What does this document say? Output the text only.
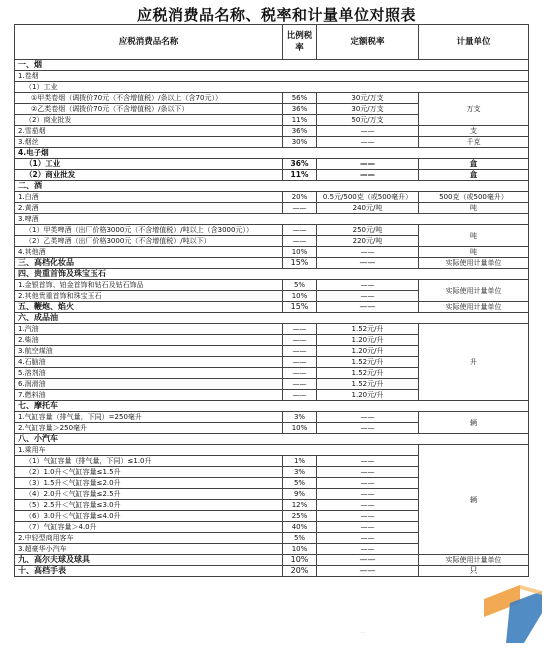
应税消费品名称、税率和计量单位对照表
应税消费品名称	比例税率	定额税率	计量单位
一、烟			
1.卷烟			
（1）工业			
①甲类卷烟（调拨价70元（不含增值税）/条以上（含70元））	56%	30元/万支	万支
②乙类卷烟（调拨价70元（不含增值税）/条以下）	36%	30元/万支	
（2）商业批发	11%	50元/万支	
2.雪茄烟	36%	——	支
3.烟丝	30%	——	千克
4.电子烟			
（1）工业	36%	——	盒
（2）商业批发	11%	——	盒
二、酒			
1.白酒	20%	0.5元/500克（或500毫升）	500克（或500毫升）
2.黄酒	——	240元/吨	吨
3.啤酒			
（1）甲类啤酒（出厂价格3000元（不含增值税）/吨以上（含3000元））	——	250元/吨	吨
（2）乙类啤酒（出厂价格3000元（不含增值税）/吨以下）	——	220元/吨	
4.其他酒	10%	——	吨
三、高档化妆品	15%	——	实际使用计量单位
四、贵重首饰及珠宝玉石			
1.金银首饰、铂金首饰和钻石及钻石饰品	5%	——	实际使用计量单位
2.其他贵重首饰和珠宝玉石	10%	——	
五、鞭炮、焰火	15%	——	实际使用计量单位
六、成品油			
1.汽油	——	1.52元/升	升
2.柴油	——	1.20元/升	
3.航空煤油	——	1.20元/升	
4.石脑油	——	1.52元/升	
5.溶剂油	——	1.52元/升	
6.润滑油	——	1.52元/升	
7.燃料油	——	1.20元/升	
七、摩托车			
1.气缸容量（排气量，下同）=250毫升	3%	——	辆
2.气缸容量＞250毫升	10%	——	
八、小汽车			
1.乘用车			辆
（1）气缸容量（排气量，下同）≤1.0升	1%	——	
（2）1.0升＜气缸容量≤1.5升	3%	——	
（3）1.5升＜气缸容量≤2.0升	5%	——	
（4）2.0升＜气缸容量≤2.5升	9%	——	
（5）2.5升＜气缸容量≤3.0升	12%	——	
（6）3.0升＜气缸容量≤4.0升	25%	——	
（7）气缸容量＞4.0升	40%	——	
2.中轻型商用客车	5%	——	
3.超豪华小汽车	10%	——	
九、高尔夫球及球具	10%	——	实际使用计量单位
十、高档手表	20%	——	只
...
